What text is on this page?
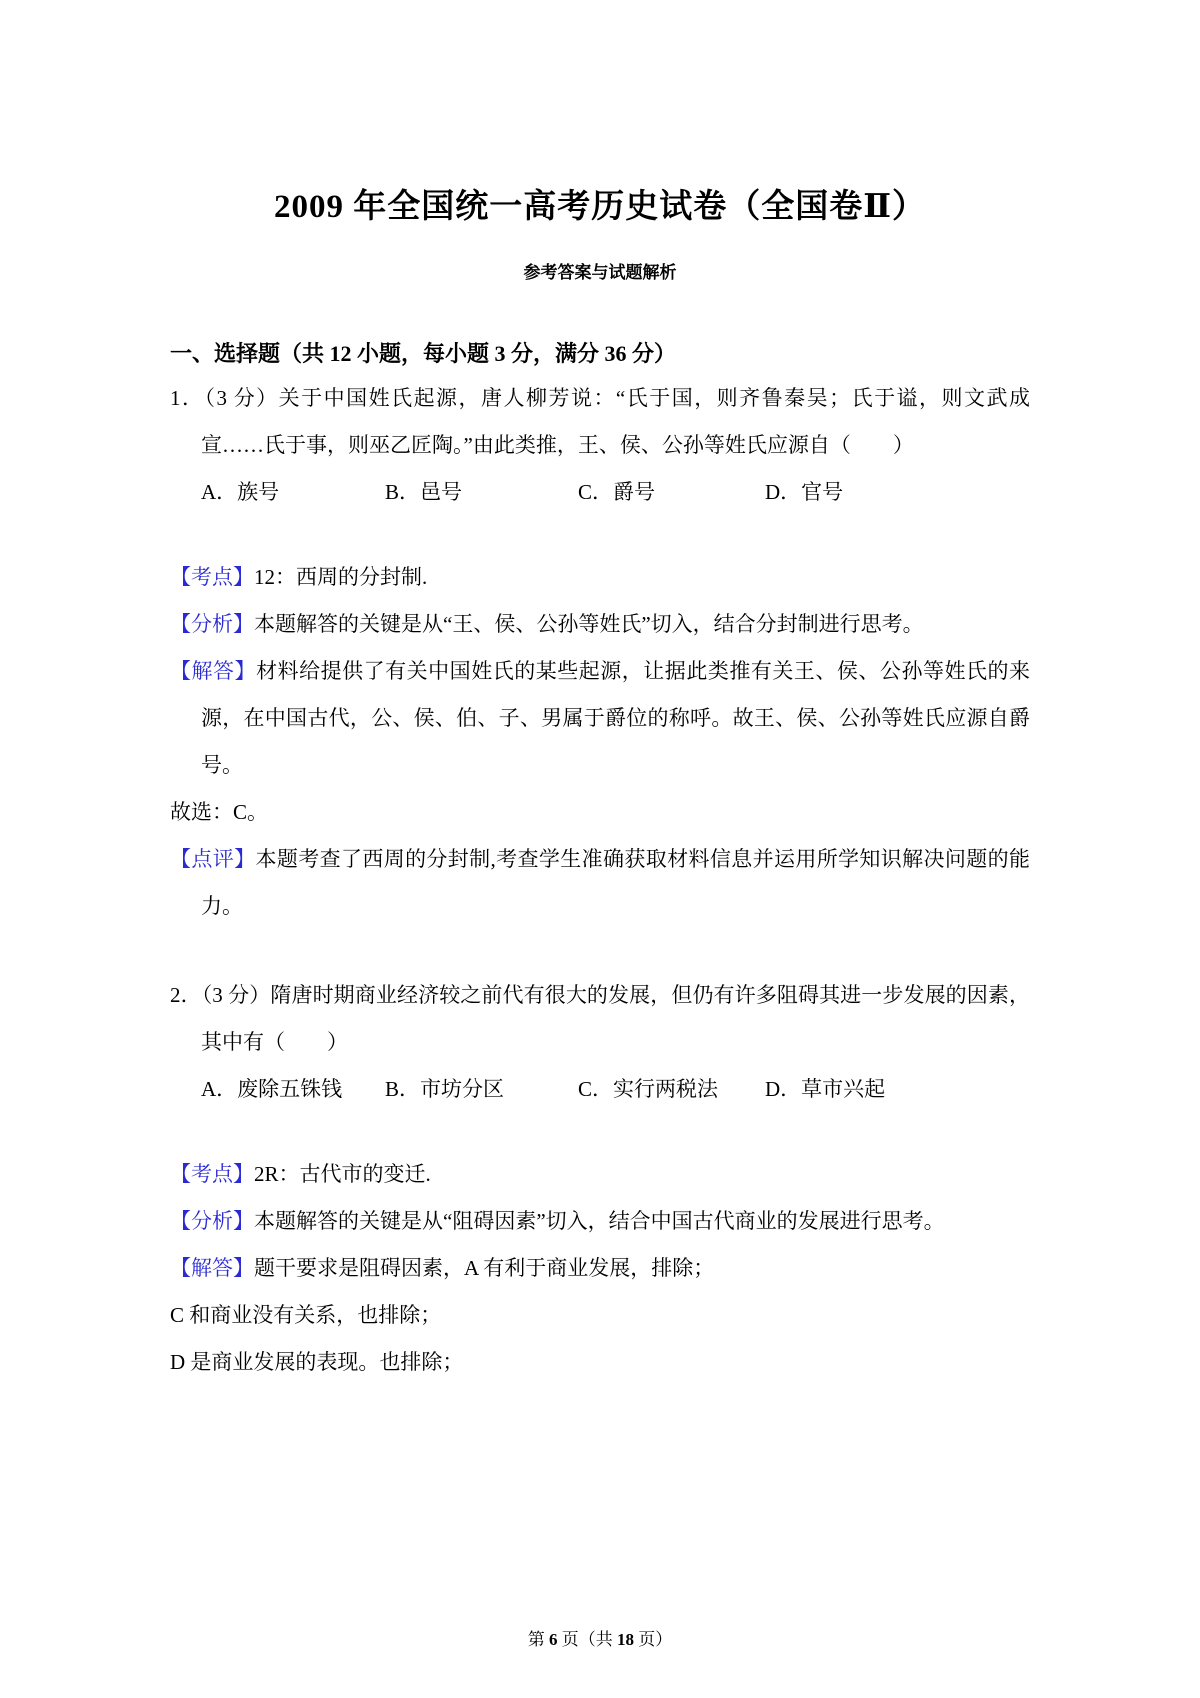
2009 年全国统一高考历史试卷（全国卷Ⅱ）
参考答案与试题解析
一、选择题（共 12 小题，每小题 3 分，满分 36 分）

1．（3 分）关于中国姓氏起源，唐人柳芳说：“氏于国，则齐鲁秦吴；氏于谥，则文武成宣……氏于事，则巫乙匠陶。”由此类推，王、侯、公孙等姓氏应源自（　　）

A．族号	B．邑号	C．爵号	D．官号

【考点】12：西周的分封制.

【分析】本题解答的关键是从“王、侯、公孙等姓氏”切入，结合分封制进行思考。

【解答】材料给提供了有关中国姓氏的某些起源，让据此类推有关王、侯、公孙等姓氏的来源，在中国古代，公、侯、伯、子、男属于爵位的称呼。故王、侯、公孙等姓氏应源自爵号。

故选：C。

【点评】本题考查了西周的分封制,考查学生准确获取材料信息并运用所学知识解决问题的能力。

2．（3 分）隋唐时期商业经济较之前代有很大的发展，但仍有许多阻碍其进一步发展的因素，其中有（　　）

A．废除五铢钱 B．市坊分区	C．实行两税法 D．草市兴起

【考点】2R：古代市的变迁.

【分析】本题解答的关键是从“阻碍因素”切入，结合中国古代商业的发展进行思考。

【解答】题干要求是阻碍因素，A 有利于商业发展，排除；

C 和商业没有关系，也排除；

D 是商业发展的表现。也排除；

第 6 页（共 18 页）
